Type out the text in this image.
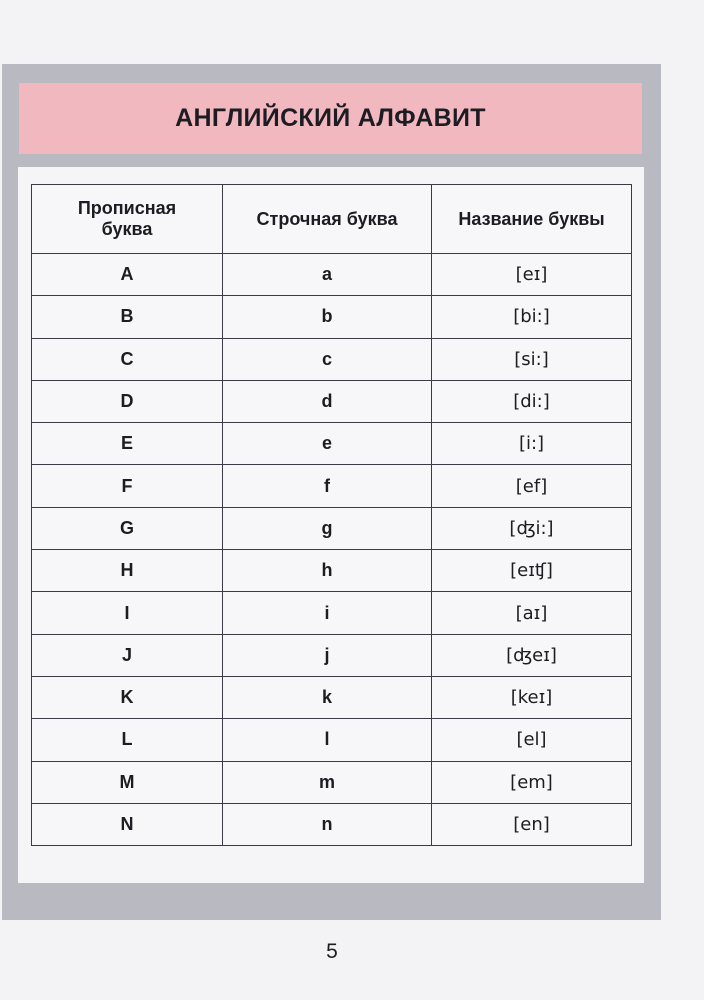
АНГЛИЙСКИЙ АЛФАВИТ
Прописная буква	Строчная буква	Название буквы
A	a	[eɪ]
B	b	[bi:]
C	c	[si:]
D	d	[di:]
E	e	[i:]
F	f	[ef]
G	g	[ʤi:]
H	h	[eɪʧ]
I	i	[aɪ]
J	j	[ʤeɪ]
K	k	[keɪ]
L	l	[el]
M	m	[em]
N	n	[en]
5
